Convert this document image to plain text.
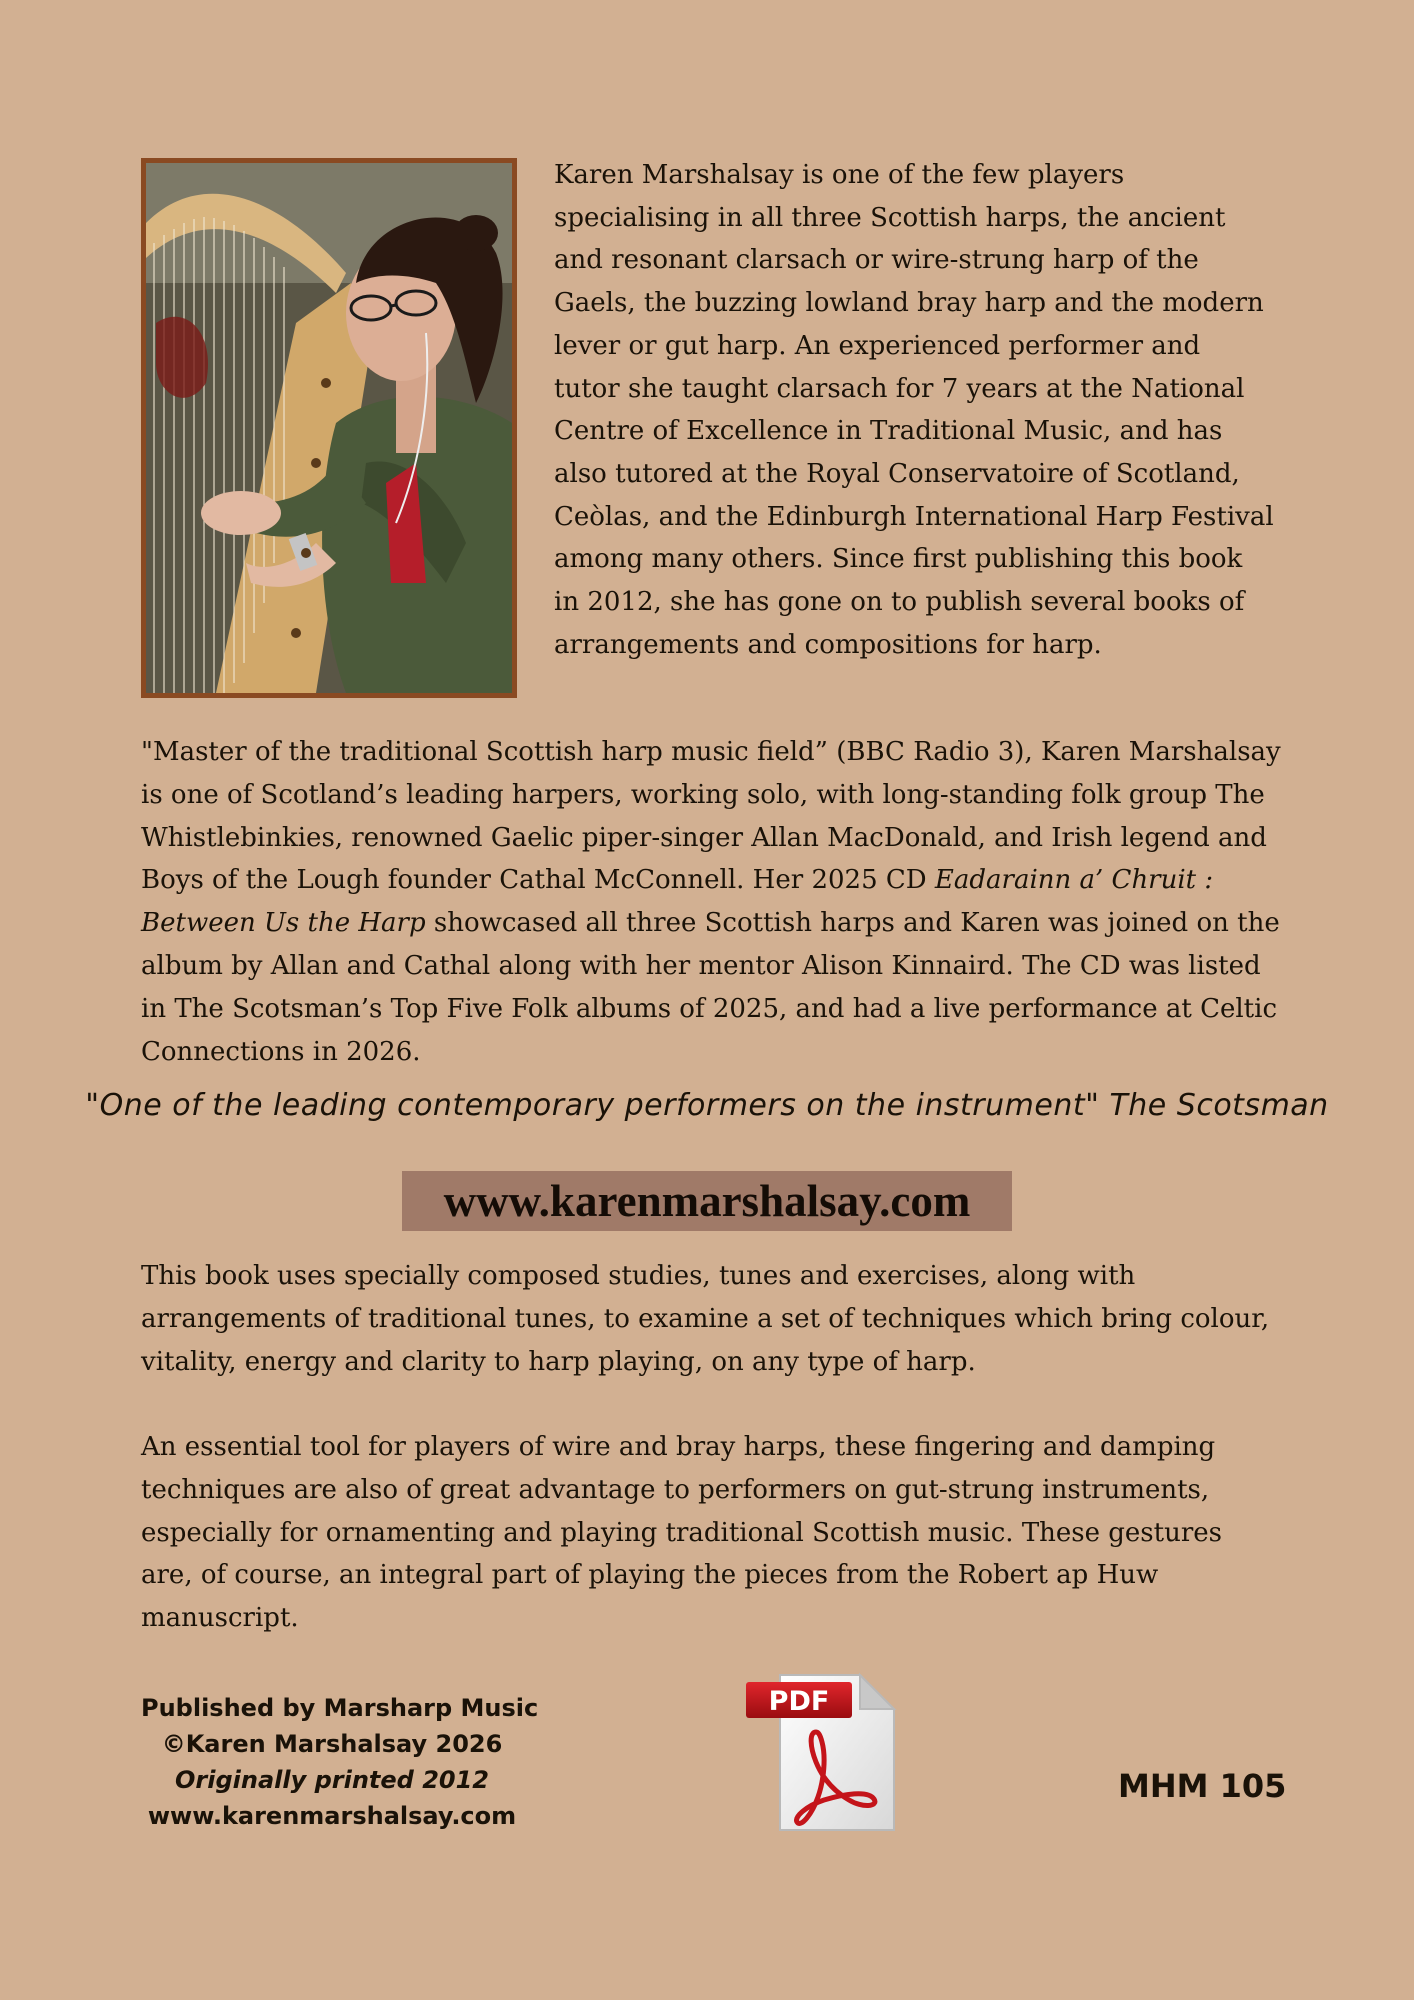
Karen Marshalsay is one of the few players specialising in all three Scottish harps, the ancient and resonant clarsach or wire-strung harp of the Gaels, the buzzing lowland bray harp and the modern lever or gut harp. An experienced performer and tutor she taught clarsach for 7 years at the National Centre of Excellence in Traditional Music, and has also tutored at the Royal Conservatoire of Scotland, Ceòlas, and the Edinburgh International Harp Festival among many others. Since first publishing this book in 2012, she has gone on to publish several books of arrangements and compositions for harp.

"Master of the traditional Scottish harp music field” (BBC Radio 3), Karen Marshalsay is one of Scotland’s leading harpers, working solo, with long-standing folk group The Whistlebinkies, renowned Gaelic piper-singer Allan MacDonald, and Irish legend and Boys of the Lough founder Cathal McConnell. Her 2025 CD Eadarainn a’ Chruit : Between Us the Harp showcased all three Scottish harps and Karen was joined on the album by Allan and Cathal along with her mentor Alison Kinnaird. The CD was listed in The Scotsman’s Top Five Folk albums of 2025, and had a live performance at Celtic Connections in 2026.

"One of the leading contemporary performers on the instrument" The Scotsman

www.karenmarshalsay.com

This book uses specially composed studies, tunes and exercises, along with arrangements of traditional tunes, to examine a set of techniques which bring colour, vitality, energy and clarity to harp playing, on any type of harp.

An essential tool for players of wire and bray harps, these fingering and damping techniques are also of great advantage to performers on gut-strung instruments, especially for ornamenting and playing traditional Scottish music. These gestures are, of course, an integral part of playing the pieces from the Robert ap Huw manuscript.

Published by Marsharp Music
©Karen Marshalsay 2026
Originally printed 2012
www.karenmarshalsay.com
PDF
MHM 105
